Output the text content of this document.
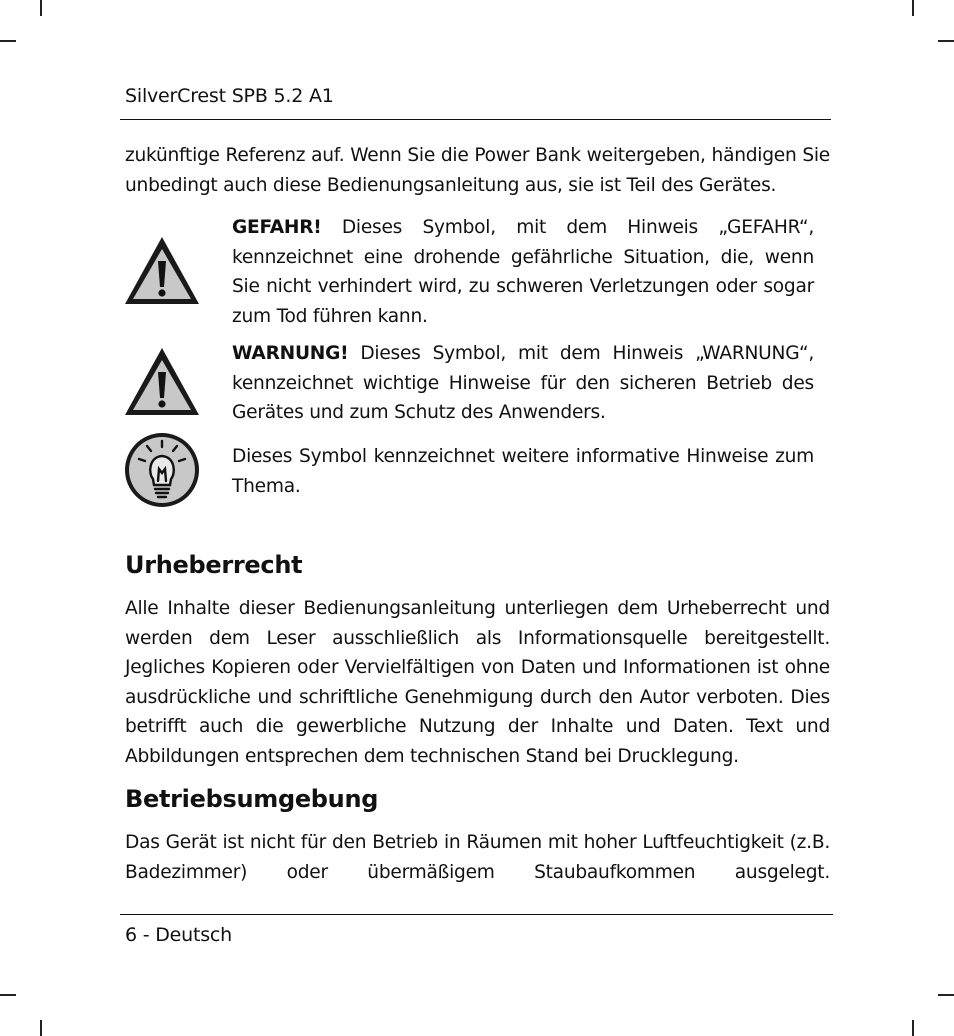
SilverCrest SPB 5.2 A1

zukünftige Referenz auf. Wenn Sie die Power Bank weitergeben, händigen Sie unbedingt auch diese Bedienungsanleitung aus, sie ist Teil des Gerätes.

GEFAHR! Dieses Symbol, mit dem Hinweis „GEFAHR“, kennzeichnet eine drohende gefährliche Situation, die, wenn Sie nicht verhindert wird, zu schweren Verletzungen oder sogar zum Tod führen kann.

WARNUNG! Dieses Symbol, mit dem Hinweis „WARNUNG“, kennzeichnet wichtige Hinweise für den sicheren Betrieb des Gerätes und zum Schutz des Anwenders.

Dieses Symbol kennzeichnet weitere informative Hinweise zum Thema.

Urheberrecht

Alle Inhalte dieser Bedienungsanleitung unterliegen dem Urheberrecht und werden dem Leser ausschließlich als Informationsquelle bereitgestellt. Jegliches Kopieren oder Vervielfältigen von Daten und Informationen ist ohne ausdrückliche und schriftliche Genehmigung durch den Autor verboten. Dies betrifft auch die gewerbliche Nutzung der Inhalte und Daten. Text und Abbildungen entsprechen dem technischen Stand bei Drucklegung.

Betriebsumgebung

Das Gerät ist nicht für den Betrieb in Räumen mit hoher Luftfeuchtigkeit (z.B. Badezimmer) oder übermäßigem Staubaufkommen ausgelegt.

6 - Deutsch
